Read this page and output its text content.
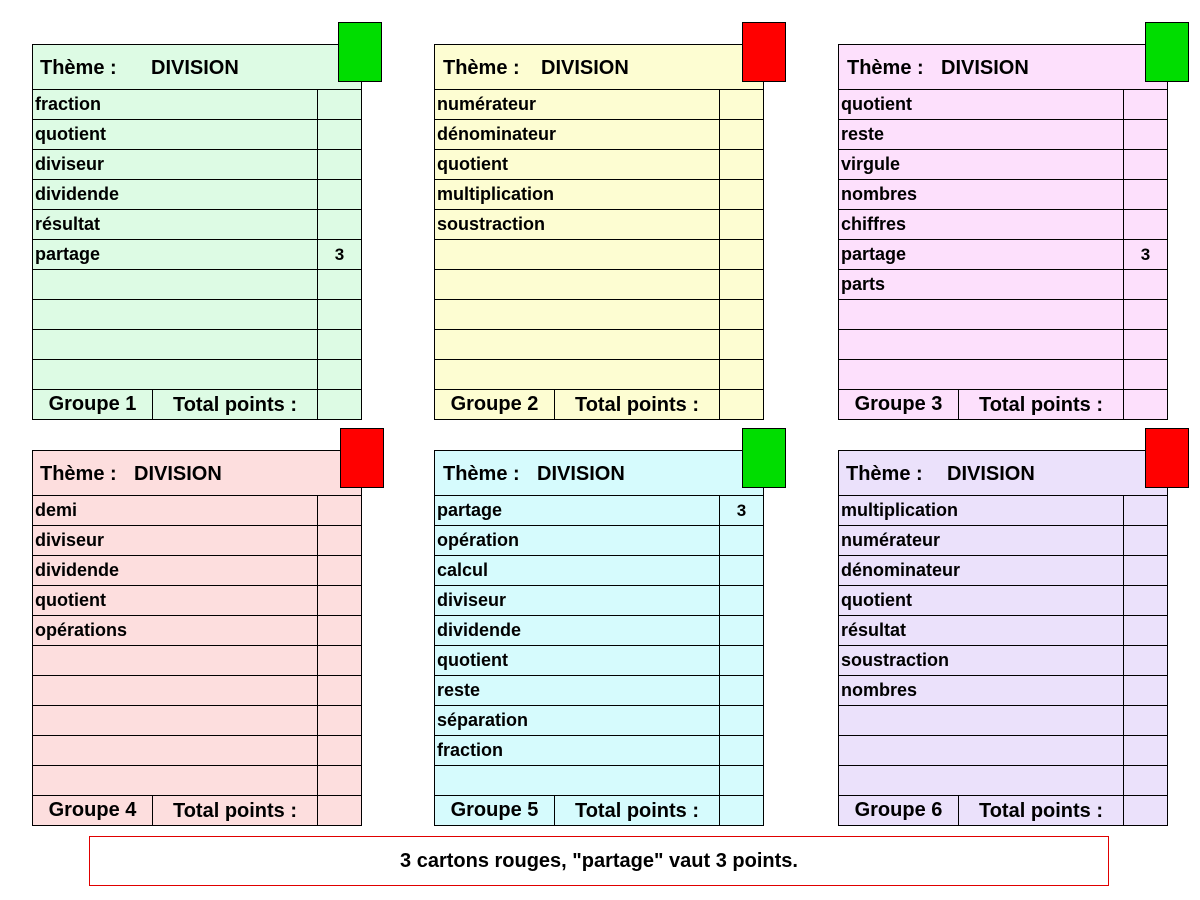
Thème : DIVISION
fraction
quotient
diviseur
dividende
résultat
partage	3
Groupe 1	Total points :
Thème : DIVISION
numérateur
dénominateur
quotient
multiplication
soustraction
Groupe 2	Total points :
Thème : DIVISION
quotient
reste
virgule
nombres
chiffres
partage	3
parts
Groupe 3	Total points :
Thème : DIVISION
demi
diviseur
dividende
quotient
opérations
Groupe 4	Total points :
Thème : DIVISION
partage	3
opération
calcul
diviseur
dividende
quotient
reste
séparation
fraction
Groupe 5	Total points :
Thème : DIVISION
multiplication
numérateur
dénominateur
quotient
résultat
soustraction
nombres
Groupe 6	Total points :
3 cartons rouges, "partage" vaut 3 points.
